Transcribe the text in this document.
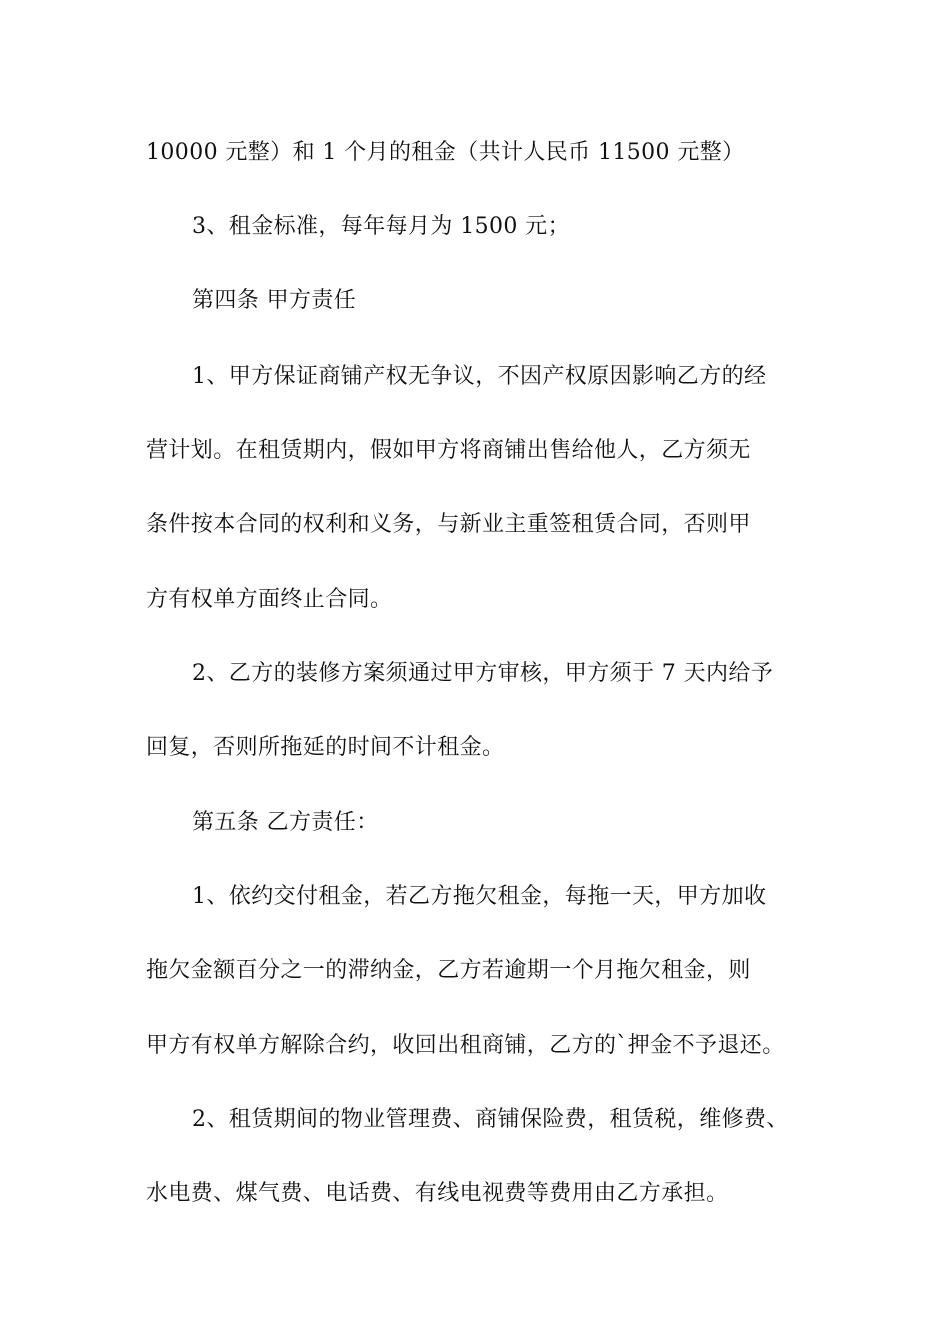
10000 元整）和 1 个月的租金（共计人民币 11500 元整）
3、租金标准，每年每月为 1500 元；
第四条 甲方责任
1、甲方保证商铺产权无争议，不因产权原因影响乙方的经
营计划。在租赁期内，假如甲方将商铺出售给他人，乙方须无
条件按本合同的权利和义务，与新业主重签租赁合同，否则甲
方有权单方面终止合同。
2、乙方的装修方案须通过甲方审核，甲方须于 7 天内给予
回复，否则所拖延的时间不计租金。
第五条 乙方责任：
1、依约交付租金，若乙方拖欠租金，每拖一天，甲方加收
拖欠金额百分之一的滞纳金，乙方若逾期一个月拖欠租金，则
甲方有权单方解除合约，收回出租商铺，乙方的`押金不予退还。
2、租赁期间的物业管理费、商铺保险费，租赁税，维修费、
水电费、煤气费、电话费、有线电视费等费用由乙方承担。
